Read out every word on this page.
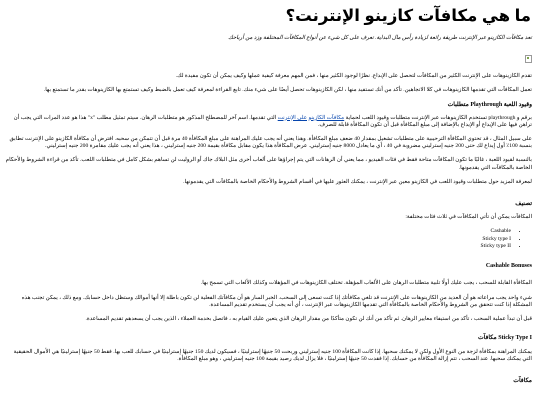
ما هي مكافآت كازينو الإنترنت؟

تعد مكافآت الكازينو عبر الإنترنت طريقة رائعة لزيادة رأس مال البداية. تعرف على كل شيء عن أنواع المكافآت المختلفة وزد من أرباحك

تقدم الكازينوهات على الإنترنت الكثير من المكافآت لتحصل على الإبداع. نظرًا لوجود الكثير منها ، فمن المهم معرفة كيفية عملها وكيف يمكن أن تكون مفيدة لك.

تعمل المكافآت التي تقدمها الكازينوهات في كلا الاتجاهين. تأكد من أنك تستفيد منها ، لكن الكازينوهات تحصل أيضًا على شيء منك. تابع القراءة لمعرفة كيف تعمل بالضبط وكيف تستمتع بها الكازينوهات بقدر ما تستمتع بها.

وقيود اللعبة Playthrough متطلبات

برقم و playthrough تستخدم الكازينوهات عبر الإنترنت متطلبات وقيود اللعب لحماية مكافآت الكازينو على الإنترنت التي تقدمها. اسم آخر للمصطلح المذكور هو متطلبات الرهان. سيتم تمثيل مطلب "x" هذا هو عدد المرات التي يجب أن تراهن فيها على الإيداع أو الإيداع بالإضافة إلى مبلغ المكافأة قبل أن تكون المكافأة قابلة للصرف.

على سبيل المثال ، قد تحتوي المكافأة الترحيبية على متطلبات تشغيل بمقدار 40 ضعف مبلغ المكافأة. وهذا يعني أنه يجب عليك المراهنة على مبلغ المكافأة 40 مرة قبل أن تتمكن من سحبه. افترض أن مكافأة الكازينو على الإنترنت تطابق بنسبة 100٪ أول إيداع لك حتى 200 جنيه إسترليني مضروبة في 40 ، أي ما يعادل 8000 جنيه إسترليني. عرض المكافأة هذا يكون مقابل مكافأة بقيمة 200 جنيه إسترليني ، هذا يعني أنه يجب عليك مقامرة 200 جنيه إسترليني.

بالنسبة لقيود اللعبة ، غالبًا ما تكون المكافآت متاحة فقط في فئات الفيديو ، مما يعني أن الرهانات التي يتم إجراؤها على ألعاب أخرى مثل البلاك جاك أو الروليت لن تساهم بشكل كامل في متطلبات اللعب. تأكد من قراءة الشروط والأحكام الخاصة بالمكافآت التي يقدمونها.

لمعرفة المزيد حول متطلبات وقيود اللعب في الكازينو معين عبر الإنترنت ، يمكنك العثور عليها في أقسام الشروط والأحكام الخاصة بالمكافآت التي يقدمونها.

تصنيف

المكافآت يمكن أن تأتي المكافآت في ثلاث فئات مختلفة:

• Cashable
• Sticky type I
• Sticky type II
Cashable Bonuses

المكافأة القابلة للسحب ، يجب عليك أولًا تلبية متطلبات الرهان على الألعاب المؤهلة. تختلف الكازينوهات في المؤهلات وكذلك الألعاب التي تسمح بها.

شيء واحد يجب مراعاته هو أن العديد من الكازينوهات على الإنترنت قد تلغي مكافأتك إذا كنت تسعى إلى السحب. الخبر السار هو أن مكافآتك الفعلية لن تكون باطلة إلا أنها أموالك وستظل داخل حسابك. ومع ذلك ، يمكن تجنب هذه المشكلة إذا كنت تتحقق من الشروط والأحكام الخاصة بالمكافأة التي تقدمها الكازينوهات عبر الإنترنت ، أي أنه يجب أن يستخدم تقديم المساعدة.

قبل أن تبدأ عملية السحب ، تأكد من استيفاء معايير الرهان. ثم تأكد من أنك لن تكون متأكدًا من مقدار الرهان الذي يتعين عليك القيام به ، فاتصل بخدمة العملاء ، الذين يجب أن يسعدهم تقديم المساعدة.

Sticky Type I مكافآت

يمكنك المراهنة بمكافأة لزجة من النوع الأول ولكن لا يمكنك سحبها. إذا كانت المكافأة 100 جنيه إسترليني وربحت 50 جنيهًا إسترلينيًا ، فسيكون لديك 150 جنيهًا إسترلينيًا في حسابك للعب بها. فقط 50 جنيهًا إسترلينيًا هي الأموال الحقيقية التي يمكنك سحبها. عند السحب ، تتم إزالة المكافأة من حسابك. إذا فقدت 50 جنيهًا إسترلينيًا ، فلا يزال لديك رصيد بقيمة 100 جنيه إسترليني ، وهو مبلغ المكافأة.

مكافآت
